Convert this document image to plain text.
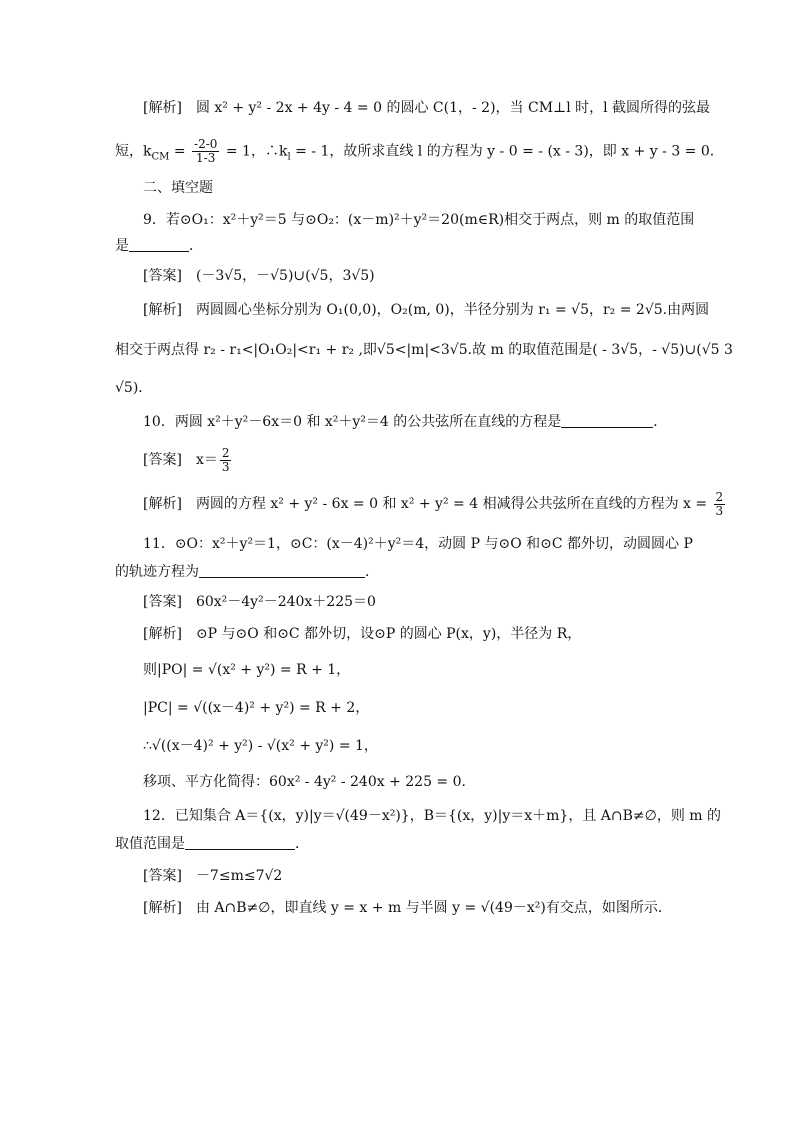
[解析] 圆 x² + y² - 2x + 4y - 4 = 0 的圆心 C(1，- 2)，当 CM⊥l 时，l 截圆所得的弦最
短，$k_{CM} = \frac{-2-0}{1-3} = 1$，$\therefore k_l$ = - 1，故所求直线 l 的方程为 y - 0 = - (x - 3)，即 x + y - 3 = 0.
二、填空题
9．若⊙O₁：x²＋y²＝5 与⊙O₂：(x－m)²＋y²＝20(m∈R)相交于两点，则 m 的取值范围
是	．
[答案] (－3√5，－√5)∪(√5，3√5)
[解析] 两圆圆心坐标分别为 O₁(0,0)，O₂(m, 0)，半径分别为 r₁ = √5，r₂ = 2√5.由两圆
相交于两点得 r₂ - r₁<|O₁O₂|<r₁ + r₂ ,即√5<|m|<3√5.故 m 的取值范围是( - 3√5，- √5)∪(√5 3
√5)．
10．两圆 x²＋y²－6x＝0 和 x²＋y²＝4 的公共弦所在直线的方程是	．
[答案] $x= \frac{2}{3}$
[解析] 两圆的方程 x² + y² - 6x = 0 和 x² + y² = 4 相减得公共弦所在直线的方程为 $x = \frac{2}{3}$
11．⊙O：x²＋y²＝1，⊙C：(x－4)²＋y²＝4，动圆 P 与⊙O 和⊙C 都外切，动圆圆心 P
的轨迹方程为	．
[答案] 60x²－4y²－240x＋225＝0
[解析] ⊙P 与⊙O 和⊙C 都外切，设⊙P 的圆心 P(x，y)，半径为 R，
则|PO| = √(x² + y²) = R + 1，
|PC| = √((x－4)² + y²) = R + 2，
∴√((x－4)² + y²) - √(x² + y²) = 1，
移项、平方化简得：60x² - 4y² - 240x + 225 = 0.
12．已知集合 A＝{(x，y)|y＝√(49－x²)}，B＝{(x，y)|y＝x＋m}，且 A∩B≠∅，则 m 的
取值范围是	．
[答案] －7≤m≤7√2
[解析] 由 A∩B≠∅，即直线 y = x + m 与半圆 y = √(49－x²)有交点，如图所示．
